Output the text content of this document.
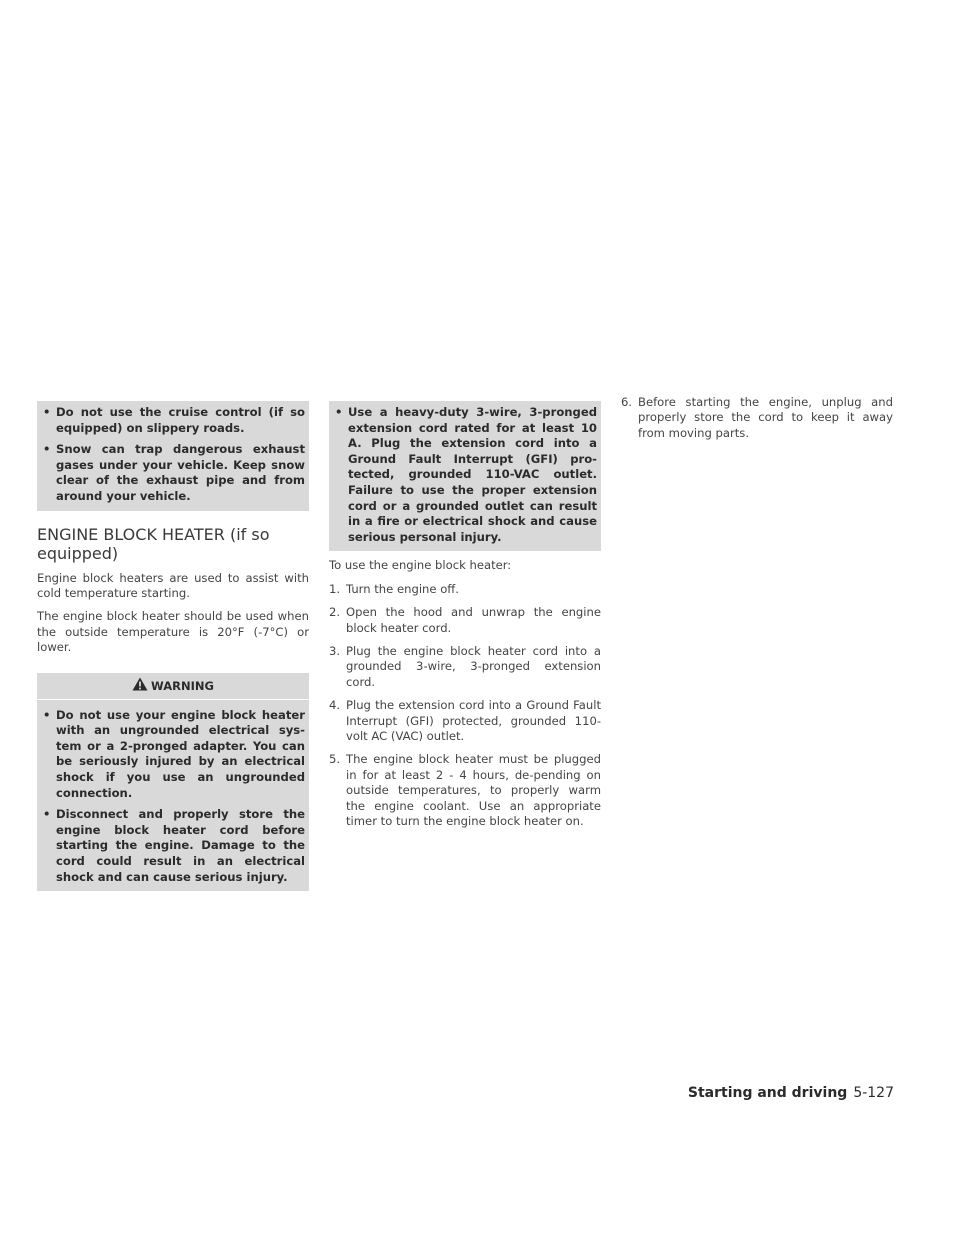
• Do not use the cruise control (if so equipped) on slippery roads.
• Snow can trap dangerous exhaust gases under your vehicle. Keep snow clear of the exhaust pipe and from around your vehicle.
ENGINE BLOCK HEATER (if so equipped)

Engine block heaters are used to assist with cold temperature starting.

The engine block heater should be used when the outside temperature is 20°F (-7°C) or lower.

WARNING
• Do not use your engine block heater with an ungrounded electrical sys-tem or a 2-pronged adapter. You can be seriously injured by an electrical shock if you use an ungrounded connection.
• Disconnect and properly store the engine block heater cord before starting the engine. Damage to the cord could result in an electrical shock and can cause serious injury.
• Use a heavy-duty 3-wire, 3-pronged extension cord rated for at least 10 A. Plug the extension cord into a Ground Fault Interrupt (GFI) pro-tected, grounded 110-VAC outlet. Failure to use the proper extension cord or a grounded outlet can result in a fire or electrical shock and cause serious personal injury.

To use the engine block heater:

1. Turn the engine off.
2. Open the hood and unwrap the engine block heater cord.
3. Plug the engine block heater cord into a grounded 3-wire, 3-pronged extension cord.
4. Plug the extension cord into a Ground Fault Interrupt (GFI) protected, grounded 110-volt AC (VAC) outlet.
5. The engine block heater must be plugged in for at least 2 - 4 hours, de-pending on outside temperatures, to properly warm the engine coolant. Use an appropriate timer to turn the engine block heater on.
6. Before starting the engine, unplug and properly store the cord to keep it away from moving parts.
Starting and driving 5-127
